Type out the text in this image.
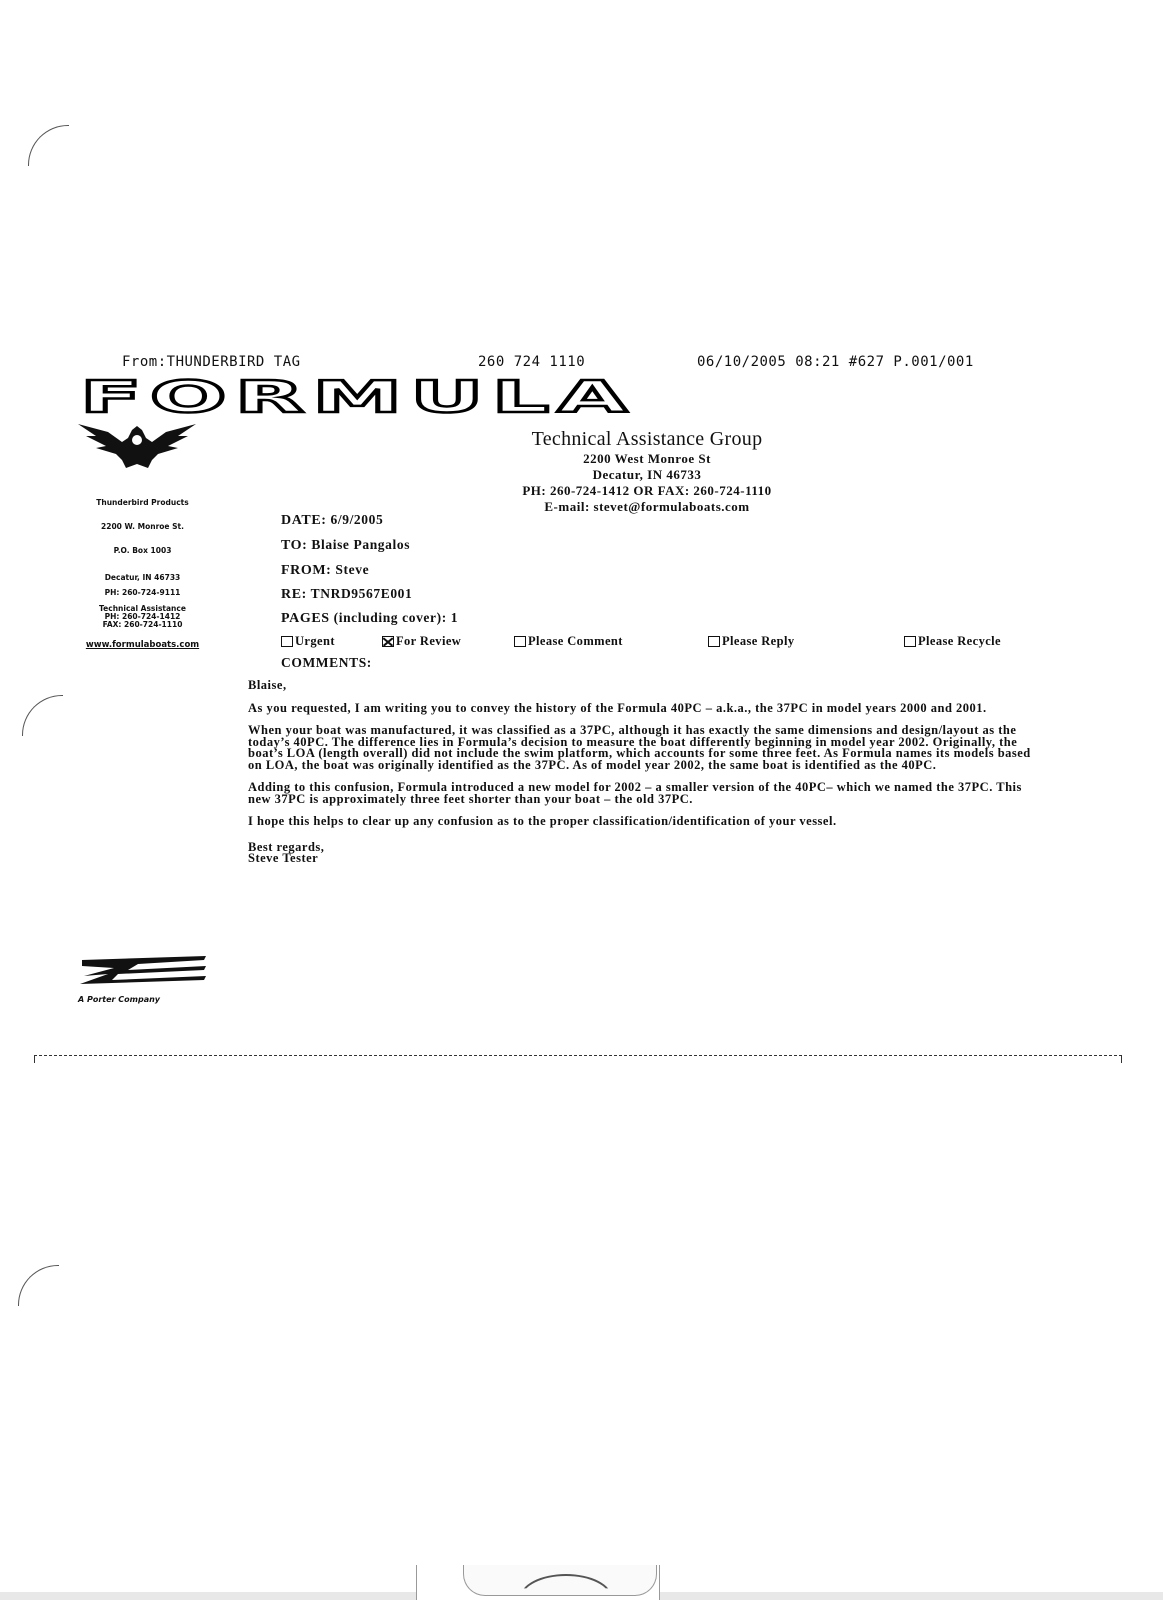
From:THUNDERBIRD TAG	260 724 1110	06/10/2005 08:21 #627 P.001/001
FORMULA
Technical Assistance Group
2200 West Monroe St
Decatur, IN 46733
PH: 260-724-1412 OR FAX: 260-724-1110
E-mail: stevet@formulaboats.com
Thunderbird Products
2200 W. Monroe St.
P.O. Box 1003
Decatur, IN 46733
PH: 260-724-9111
Technical Assistance
PH: 260-724-1412
FAX: 260-724-1110
www.formulaboats.com
DATE: 6/9/2005
TO: Blaise Pangalos
FROM: Steve
RE: TNRD9567E001
PAGES (including cover): 1
Urgent	For Review	Please Comment	Please Reply	Please Recycle
COMMENTS:

Blaise,

As you requested, I am writing you to convey the history of the Formula 40PC – a.k.a., the 37PC in model years 2000 and 2001.

When your boat was manufactured, it was classified as a 37PC, although it has exactly the same dimensions and design/layout as the today’s 40PC. The difference lies in Formula’s decision to measure the boat differently beginning in model year 2002. Originally, the boat’s LOA (length overall) did not include the swim platform, which accounts for some three feet. As Formula names its models based on LOA, the boat was originally identified as the 37PC. As of model year 2002, the same boat is identified as the 40PC.

Adding to this confusion, Formula introduced a new model for 2002 – a smaller version of the 40PC– which we named the 37PC. This new 37PC is approximately three feet shorter than your boat – the old 37PC.

I hope this helps to clear up any confusion as to the proper classification/identification of your vessel.

Best regards,
Steve Tester
A Porter Company
